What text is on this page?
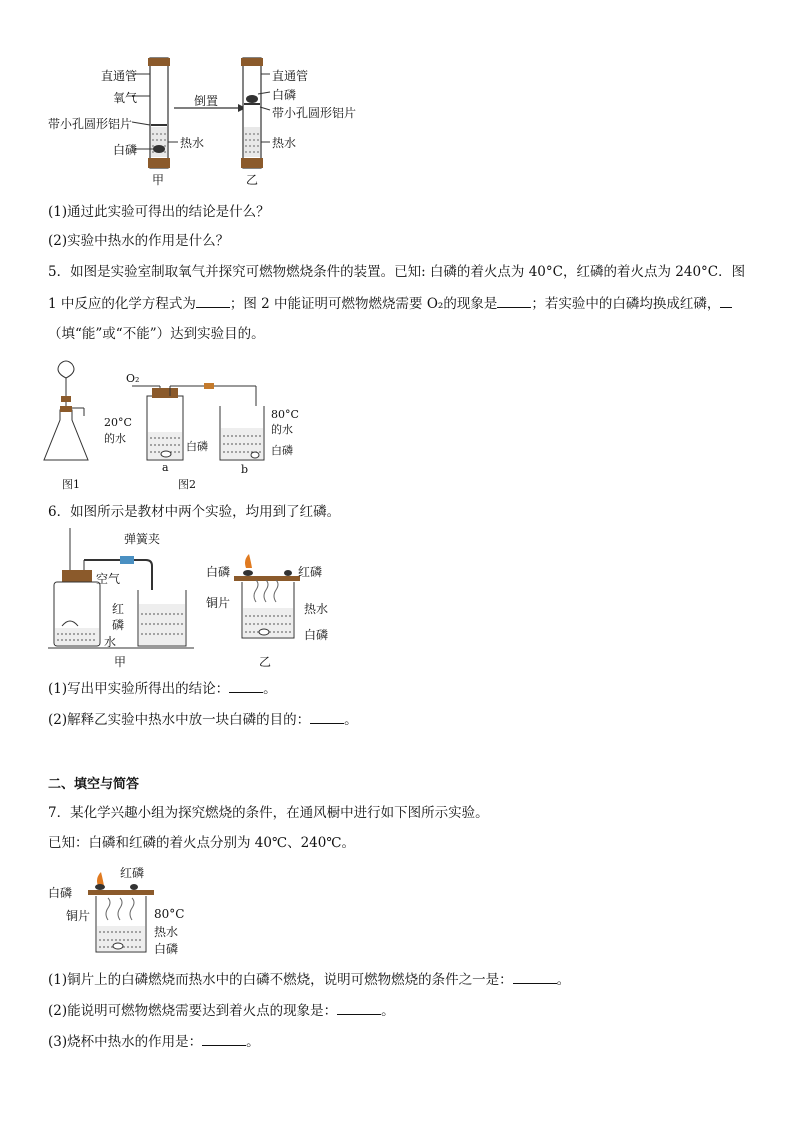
直通管
氧气
带小孔圆形铝片
白磷	热水
倒置
直通管
白磷
带小孔圆形铝片
热水
甲	乙
(1)通过此实验可得出的结论是什么？
(2)实验中热水的作用是什么？
5．如图是实验室制取氧气并探究可燃物燃烧条件的装置。已知: 白磷的着火点为 40°C，红磷的着火点为 240°C．图
1 中反应的化学方程式为	；图 2 中能证明可燃物燃烧需要 O₂的现象是	；若实验中的白磷均换成红磷，
（填“能”或“不能”）达到实验目的。
O₂
20°C
的水
白磷
80°C
的水
白磷
a	b
图1	图2
6．如图所示是教材中两个实验，均用到了红磷。
弹簧夹
空气
红
磷
水
白磷	红磷
铜片	热水
白磷
甲	乙
(1)写出甲实验所得出的结论：	。
(2)解释乙实验中热水中放一块白磷的目的：	。
二、填空与简答
7．某化学兴趣小组为探究燃烧的条件，在通风橱中进行如下图所示实验。
已知：白磷和红磷的着火点分别为 40℃、240℃。
红磷
白磷
铜片	80°C
热水
白磷
(1)铜片上的白磷燃烧而热水中的白磷不燃烧，说明可燃物燃烧的条件之一是：	。
(2)能说明可燃物燃烧需要达到着火点的现象是：	。
(3)烧杯中热水的作用是：	。
